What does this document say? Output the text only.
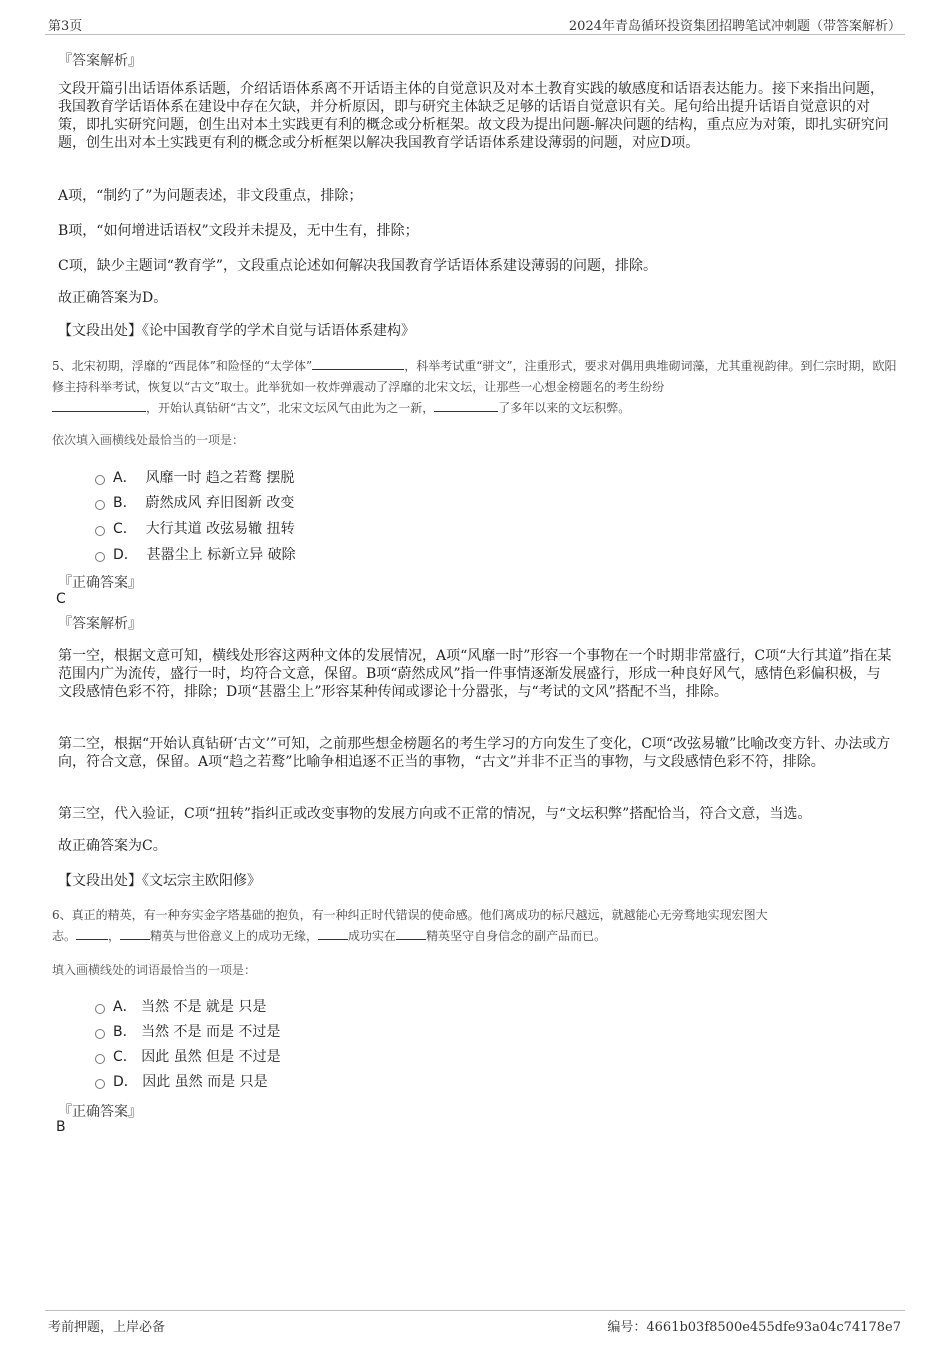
第3页	2024年青岛循环投资集团招聘笔试冲刺题（带答案解析）
『答案解析』

文段开篇引出话语体系话题，介绍话语体系离不开话语主体的自觉意识及对本土教育实践的敏感度和话语表达能力。接下来指出问题，我国教育学话语体系在建设中存在欠缺，并分析原因，即与研究主体缺乏足够的话语自觉意识有关。尾句给出提升话语自觉意识的对策，即扎实研究问题，创生出对本土实践更有利的概念或分析框架。故文段为提出问题-解决问题的结构，重点应为对策，即扎实研究问题，创生出对本土实践更有利的概念或分析框架以解决我国教育学话语体系建设薄弱的问题，对应D项。

A项，“制约了”为问题表述，非文段重点，排除；
B项，“如何增进话语权”文段并未提及，无中生有，排除；
C项，缺少主题词“教育学”，文段重点论述如何解决我国教育学话语体系建设薄弱的问题，排除。
故正确答案为D。
【文段出处】《论中国教育学的学术自觉与话语体系建构》
5、北宋初期，浮靡的“西昆体”和险怪的“太学体”	，科举考试重“骈文”，注重形式，要求对偶用典堆砌词藻，尤其重视韵律。到仁宗时期，欧阳修主持科举考试，恢复以“古文”取士。此举犹如一枚炸弹震动了浮靡的北宋文坛，让那些一心想金榜题名的考生纷纷
，开始认真钻研“古文”，北宋文坛风气由此为之一新，	了多年以来的文坛积弊。
依次填入画横线处最恰当的一项是：
A． 风靡一时 趋之若鹜 摆脱
B． 蔚然成风 弃旧图新 改变
C． 大行其道 改弦易辙 扭转
D． 甚嚣尘上 标新立异 破除
『正确答案』
C
『答案解析』

第一空，根据文意可知，横线处形容这两种文体的发展情况，A项“风靡一时”形容一个事物在一个时期非常盛行，C项“大行其道”指在某范围内广为流传，盛行一时，均符合文意，保留。B项“蔚然成风”指一件事情逐渐发展盛行，形成一种良好风气，感情色彩偏积极，与文段感情色彩不符，排除；D项“甚嚣尘上”形容某种传闻或谬论十分嚣张，与“考试的文风”搭配不当，排除。

第二空，根据“开始认真钻研‘古文’”可知，之前那些想金榜题名的考生学习的方向发生了变化，C项“改弦易辙”比喻改变方针、办法或方向，符合文意，保留。A项“趋之若鹜”比喻争相追逐不正当的事物，“古文”并非不正当的事物，与文段感情色彩不符，排除。

第三空，代入验证，C项“扭转”指纠正或改变事物的发展方向或不正常的情况，与“文坛积弊”搭配恰当，符合文意，当选。

故正确答案为C。
【文段出处】《文坛宗主欧阳修》
6、真正的精英，有一种夯实金字塔基础的抱负，有一种纠正时代错误的使命感。他们离成功的标尺越远，就越能心无旁骛地实现宏图大
志。	，	精英与世俗意义上的成功无缘，	成功实在	精英坚守自身信念的副产品而已。
填入画横线处的词语最恰当的一项是：
A． 当然 不是 就是 只是
B． 当然 不是 而是 不过是
C． 因此 虽然 但是 不过是
D． 因此 虽然 而是 只是
『正确答案』
B
考前押题，上岸必备	编号：4661b03f8500e455dfe93a04c74178e7
